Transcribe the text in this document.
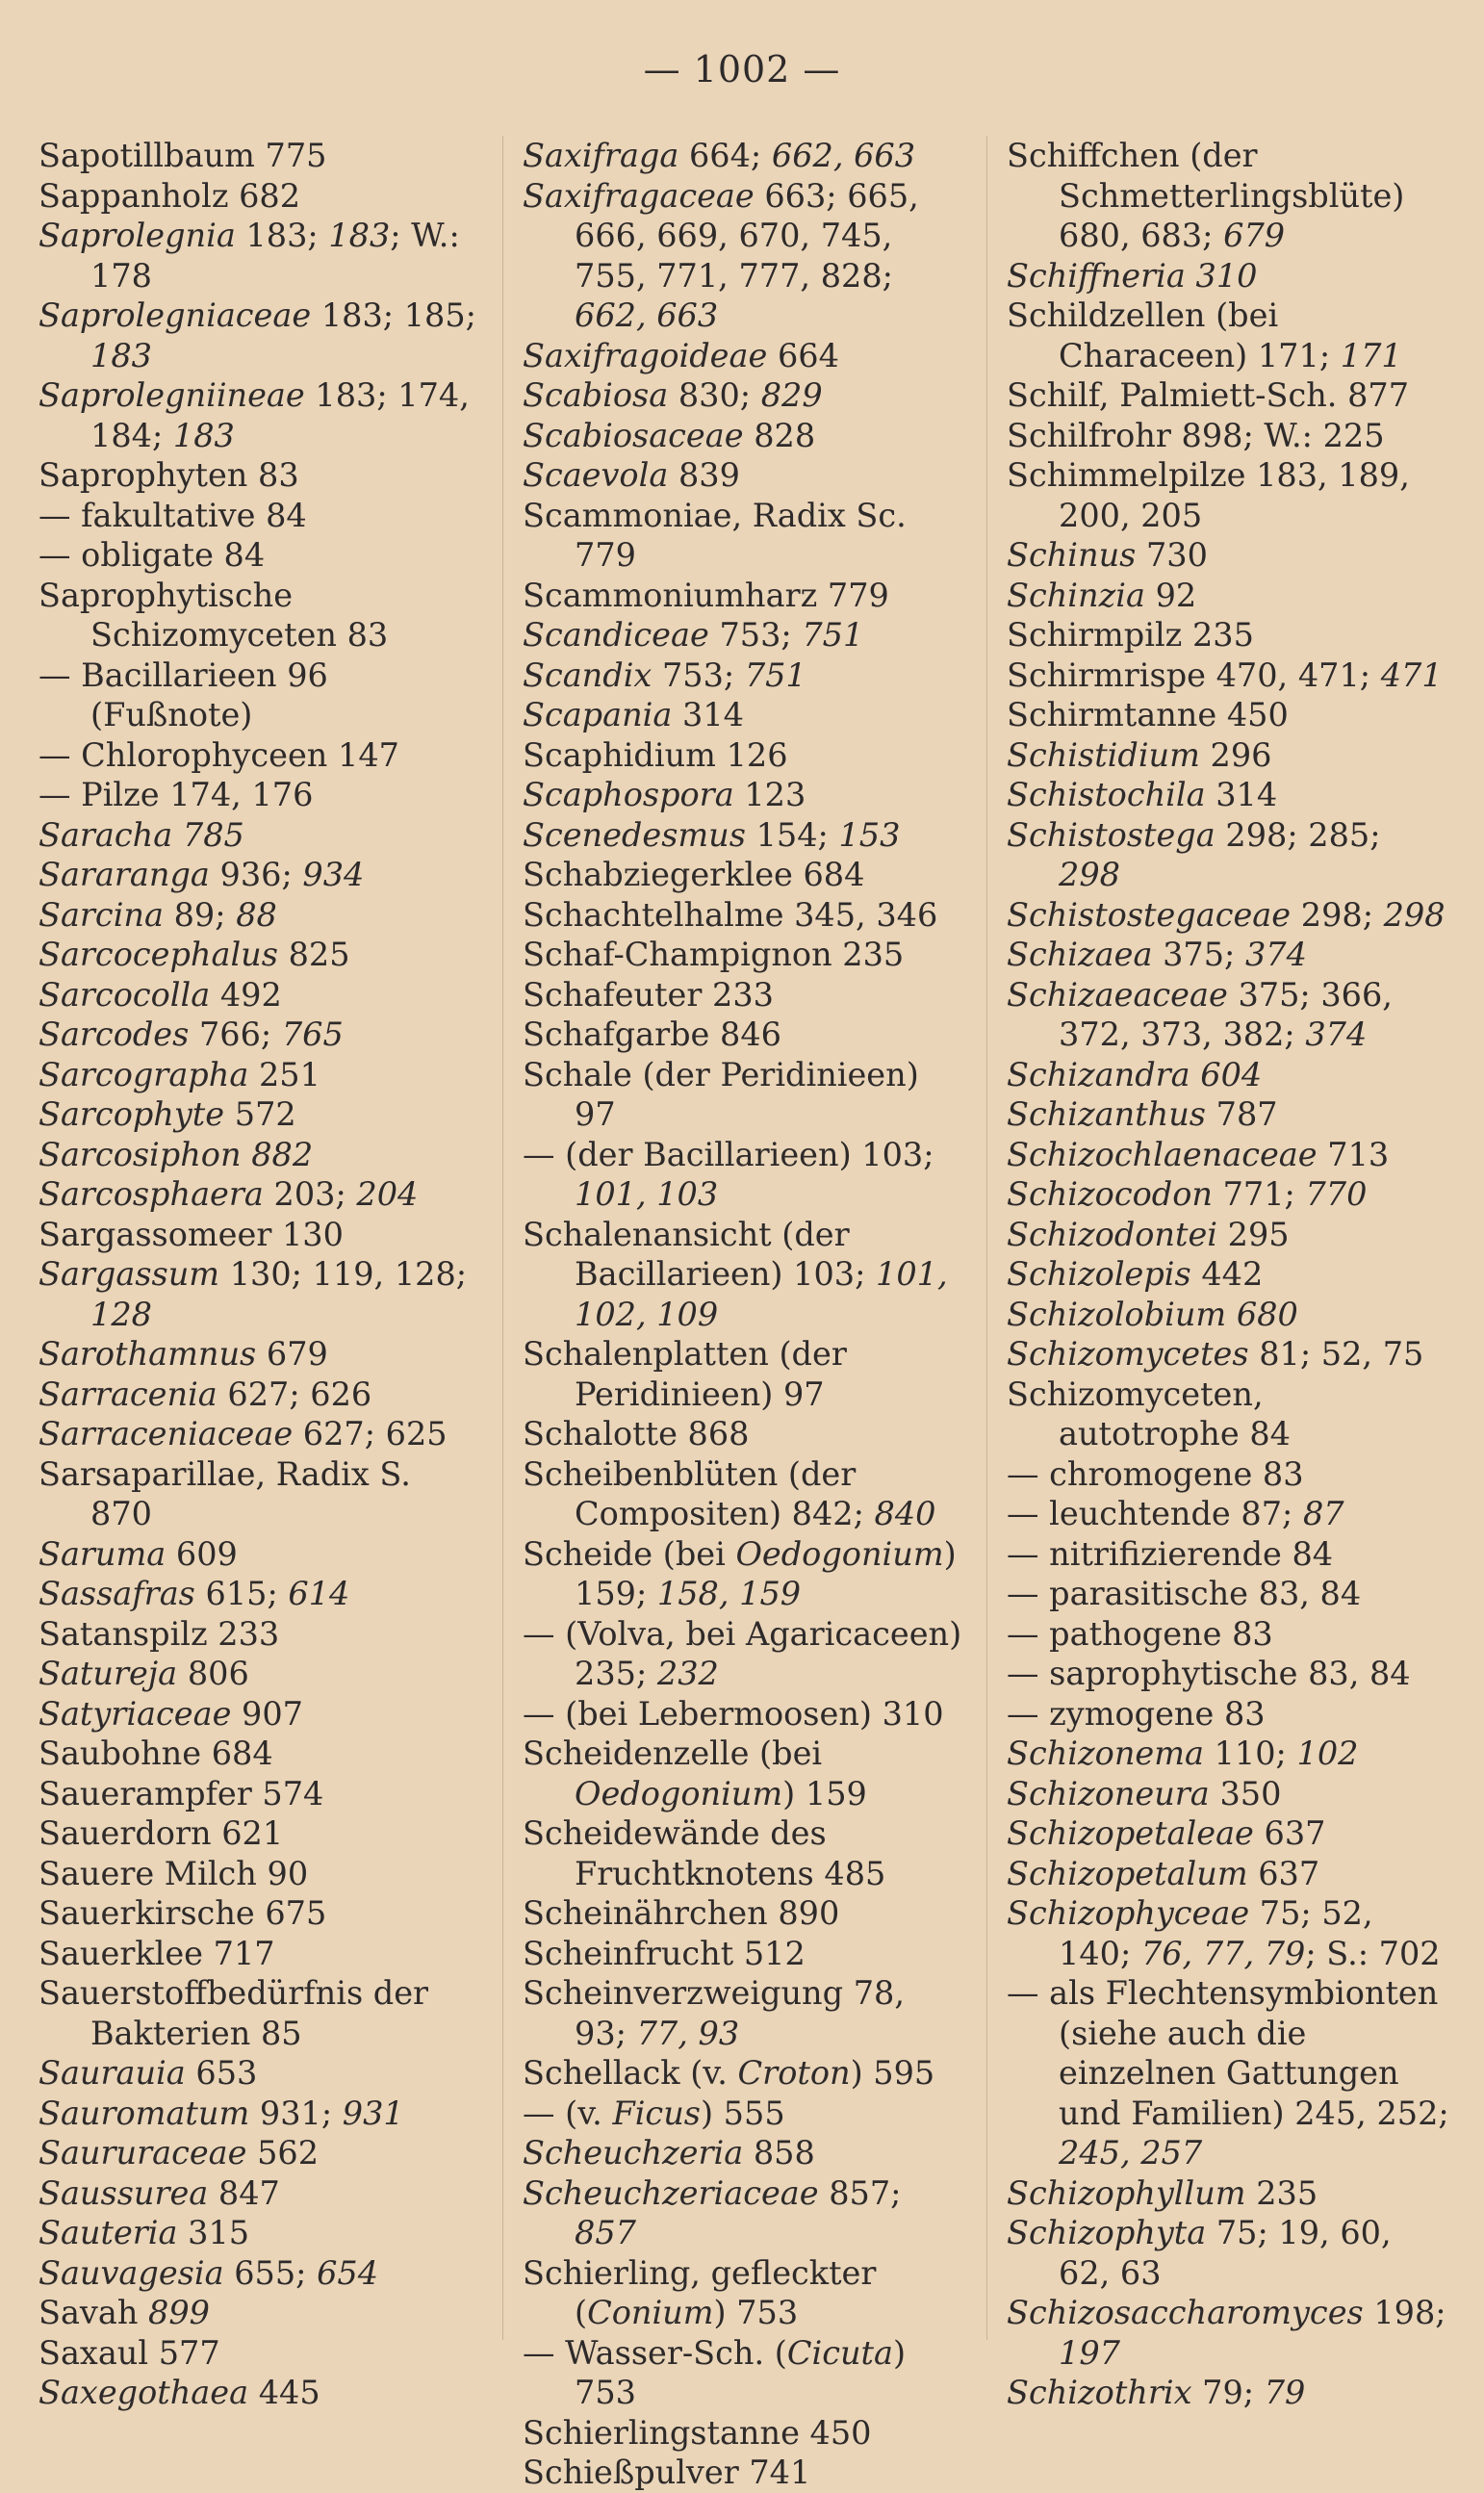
— 1002 —

Sapotillbaum 775

Sappanholz 682

Saprolegnia 183; 183; W.: 178

Saprolegniaceae 183; 185; 183

Saprolegniineae 183; 174, 184; 183

Saprophyten 83

— fakultative 84

— obligate 84

Saprophytische Schizomyceten 83

— Bacillarieen 96 (Fußnote)

— Chlorophyceen 147

— Pilze 174, 176

Saracha 785

Sararanga 936; 934

Sarcina 89; 88

Sarcocephalus 825

Sarcocolla 492

Sarcodes 766; 765

Sarcographa 251

Sarcophyte 572

Sarcosiphon 882

Sarcosphaera 203; 204

Sargassomeer 130

Sargassum 130; 119, 128; 128

Sarothamnus 679

Sarracenia 627; 626

Sarraceniaceae 627; 625

Sarsaparillae, Radix S. 870

Saruma 609

Sassafras 615; 614

Satanspilz 233

Satureja 806

Satyriaceae 907

Saubohne 684

Sauerampfer 574

Sauerdorn 621

Sauere Milch 90

Sauerkirsche 675

Sauerklee 717

Sauerstoffbedürfnis der Bakterien 85

Saurauia 653

Sauromatum 931; 931

Saururaceae 562

Saussurea 847

Sauteria 315

Sauvagesia 655; 654

Savah 899

Saxaul 577

Saxegothaea 445

Saxifraga 664; 662, 663

Saxifragaceae 663; 665, 666, 669, 670, 745, 755, 771, 777, 828; 662, 663

Saxifragoideae 664

Scabiosa 830; 829

Scabiosaceae 828

Scaevola 839

Scammoniae, Radix Sc. 779

Scammoniumharz 779

Scandiceae 753; 751

Scandix 753; 751

Scapania 314

Scaphidium 126

Scaphospora 123

Scenedesmus 154; 153

Schabziegerklee 684

Schachtelhalme 345, 346

Schaf-Champignon 235

Schafeuter 233

Schafgarbe 846

Schale (der Peridinieen) 97

— (der Bacillarieen) 103; 101, 103

Schalenansicht (der Bacillarieen) 103; 101, 102, 109

Schalenplatten (der Peridinieen) 97

Schalotte 868

Scheibenblüten (der Compositen) 842; 840

Scheide (bei Oedogonium) 159; 158, 159

— (Volva, bei Agaricaceen) 235; 232

— (bei Lebermoosen) 310

Scheidenzelle (bei Oedogonium) 159

Scheidewände des Fruchtknotens 485

Scheinährchen 890

Scheinfrucht 512

Scheinverzweigung 78, 93; 77, 93

Schellack (v. Croton) 595

— (v. Ficus) 555

Scheuchzeria 858

Scheuchzeriaceae 857; 857

Schierling, gefleckter (Conium) 753

— Wasser-Sch. (Cicuta) 753

Schierlingstanne 450

Schießpulver 741

Schiffchen (der Schmetterlingsblüte) 680, 683; 679

Schiffneria 310

Schildzellen (bei Characeen) 171; 171

Schilf, Palmiett-Sch. 877

Schilfrohr 898; W.: 225

Schimmelpilze 183, 189, 200, 205

Schinus 730

Schinzia 92

Schirmpilz 235

Schirmrispe 470, 471; 471

Schirmtanne 450

Schistidium 296

Schistochila 314

Schistostega 298; 285; 298

Schistostegaceae 298; 298

Schizaea 375; 374

Schizaeaceae 375; 366, 372, 373, 382; 374

Schizandra 604

Schizanthus 787

Schizochlaenaceae 713

Schizocodon 771; 770

Schizodontei 295

Schizolepis 442

Schizolobium 680

Schizomycetes 81; 52, 75

Schizomyceten, autotrophe 84

— chromogene 83

— leuchtende 87; 87

— nitrifizierende 84

— parasitische 83, 84

— pathogene 83

— saprophytische 83, 84

— zymogene 83

Schizonema 110; 102

Schizoneura 350

Schizopetaleae 637

Schizopetalum 637

Schizophyceae 75; 52, 140; 76, 77, 79; S.: 702

— als Flechtensymbionten (siehe auch die einzelnen Gattungen und Familien) 245, 252; 245, 257

Schizophyllum 235

Schizophyta 75; 19, 60, 62, 63

Schizosaccharomyces 198; 197

Schizothrix 79; 79
